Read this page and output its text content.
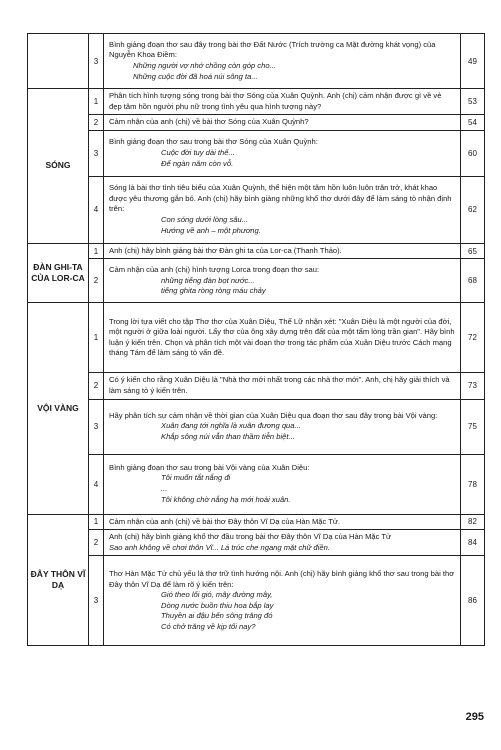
	3	Bình giảng đoạn thơ sau đây trong bài thơ Đất Nước (Trích trường ca Mặt đường khát vọng) của Nguyễn Khoa Điềm:
Những người vợ nhớ chồng còn góp cho...
Những cuộc đời đã hoá núi sông ta...	49
SÓNG	1	Phân tích hình tượng sóng trong bài thơ Sóng của Xuân Quỳnh. Anh (chị) cảm nhận được gì về vẻ đẹp tâm hồn người phụ nữ trong tình yêu qua hình tượng này?	53
	2	Cảm nhận của anh (chị) về bài thơ Sóng của Xuân Quỳnh?	54
	3	Bình giảng đoạn thơ sau trong bài thơ Sóng của Xuân Quỳnh:
Cuộc đời tuy dài thế...
Để ngàn năm còn vỗ.	60
	4	Sóng là bài thơ tình tiêu biểu của Xuân Quỳnh, thể hiện một tâm hồn luôn luôn trăn trở, khát khao được yêu thương gắn bó. Anh (chị) hãy bình giảng những khổ thơ dưới đây để làm sáng tỏ nhận định trên:
Con sóng dưới lòng sâu...
Hướng về anh – một phương.	62
ĐÀN GHI-TA CỦA LOR-CA	1	Anh (chị) hãy bình giảng bài thơ Đàn ghi ta của Lor-ca (Thanh Thảo).	65
	2	Cảm nhận của anh (chị) hình tượng Lorca trong đoạn thơ sau:
những tiếng đàn bọt nước...
tiếng ghita ròng ròng máu chảy	68
VỘI VÀNG	1	Trong lời tựa viết cho tập Thơ thơ của Xuân Diệu, Thế Lữ nhận xét: "Xuân Diệu là một người của đời, một người ở giữa loài người. Lấy thơ của ông xây dựng trên đất của một tấm lòng trần gian". Hãy bình luận ý kiến trên. Chọn và phân tích một vài đoạn thơ trong tác phẩm của Xuân Diệu trước Cách mạng tháng Tám để làm sáng tỏ vấn đề.	72
	2	Có ý kiến cho rằng Xuân Diệu là "Nhà thơ mới nhất trong các nhà thơ mới". Anh, chị hãy giải thích và làm sáng tỏ ý kiến trên.	73
	3	Hãy phân tích sự cảm nhận về thời gian của Xuân Diệu qua đoạn thơ sau đây trong bài Vội vàng:
Xuân đang tới nghĩa là xuân đương qua...
Khắp sông núi vẫn than thầm tiễn biệt...	75
	4	Bình giảng đoạn thơ sau trong bài Vội vàng của Xuân Diệu:
Tôi muốn tắt nắng đi
...
Tôi không chờ nắng hạ mới hoài xuân.	78
ĐÂY THÔN VĨ DẠ	1	Cảm nhận của anh (chị) về bài thơ Đây thôn Vĩ Dạ của Hàn Mặc Tử.	82
	2	Anh (chị) hãy bình giảng khổ thơ đầu trong bài thơ Đây thôn Vĩ Dạ của Hàn Mặc Tử
Sao anh không về chơi thôn Vĩ... Lá trúc che ngang mặt chữ điền.	84
	3	Thơ Hàn Mặc Tử chủ yếu là thơ trữ tình hướng nội. Anh (chị) hãy bình giảng khổ thơ sau trong bài thơ Đây thôn Vĩ Dạ để làm rõ ý kiến trên:
Gió theo lối gió, mây đường mây,
Dòng nước buồn thiu hoa bắp lay
Thuyền ai đậu bến sông trăng đó
Có chở trăng về kịp tối nay?	86
295
